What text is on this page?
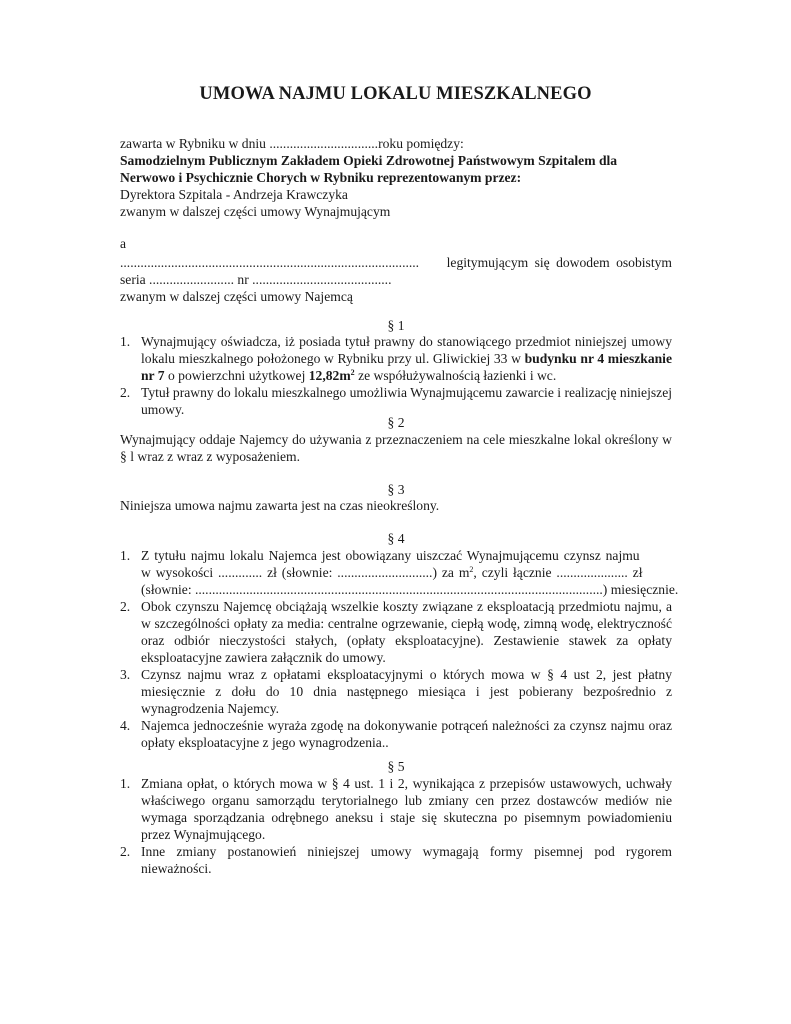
UMOWA NAJMU LOKALU MIESZKALNEGO
zawarta w Rybniku w dniu ................................roku pomiędzy:
Samodzielnym Publicznym Zakładem Opieki Zdrowotnej Państwowym Szpitalem dla
Nerwowo i Psychicznie Chorych w Rybniku reprezentowanym przez:
Dyrektora Szpitala - Andrzeja Krawczyka
zwanym w dalszej części umowy Wynajmującym
a
........................................................................................ legitymującym się dowodem osobistym
seria ......................... nr .........................................
zwanym w dalszej części umowy Najemcą
§ 1
1. Wynajmujący oświadcza, iż posiada tytuł prawny do stanowiącego przedmiot niniejszej umowy lokalu mieszkalnego położonego w Rybniku przy ul. Gliwickiej 33 w budynku nr 4 mieszkanie nr 7 o powierzchni użytkowej $12,82m^2$ ze współużywalnością łazienki i wc.
2. Tytuł prawny do lokalu mieszkalnego umożliwia Wynajmującemu zawarcie i realizację niniejszej umowy.
§ 2
Wynajmujący oddaje Najemcy do używania z przeznaczeniem na cele mieszkalne lokal określony w § l wraz z wraz z wyposażeniem.
§ 3
Niniejsza umowa najmu zawarta jest na czas nieokreślony.
§ 4
1. Z tytułu najmu lokalu Najemca jest obowiązany uiszczać Wynajmującemu czynsz najmu
w wysokości ............. zł (słownie: ............................) za $m^2$, czyli łącznie ..................... zł
(słownie: ........................................................................................................................) miesięcznie.
2. Obok czynszu Najemcę obciążają wszelkie koszty związane z eksploatacją przedmiotu najmu, a w szczególności opłaty za media: centralne ogrzewanie, ciepłą wodę, zimną wodę, elektryczność oraz odbiór nieczystości stałych, (opłaty eksploatacyjne). Zestawienie stawek za opłaty eksploatacyjne zawiera załącznik do umowy.
3. Czynsz najmu wraz z opłatami eksploatacyjnymi o których mowa w § 4 ust 2, jest płatny miesięcznie z dołu do 10 dnia następnego miesiąca i jest pobierany bezpośrednio z wynagrodzenia Najemcy.
4. Najemca jednocześnie wyraża zgodę na dokonywanie potrąceń należności za czynsz najmu oraz opłaty eksploatacyjne z jego wynagrodzenia..
§ 5
1. Zmiana opłat, o których mowa w § 4 ust. 1 i 2, wynikająca z przepisów ustawowych, uchwały właściwego organu samorządu terytorialnego lub zmiany cen przez dostawców mediów nie wymaga sporządzania odrębnego aneksu i staje się skuteczna po pisemnym powiadomieniu przez Wynajmującego.
2. Inne zmiany postanowień niniejszej umowy wymagają formy pisemnej pod rygorem nieważności.
